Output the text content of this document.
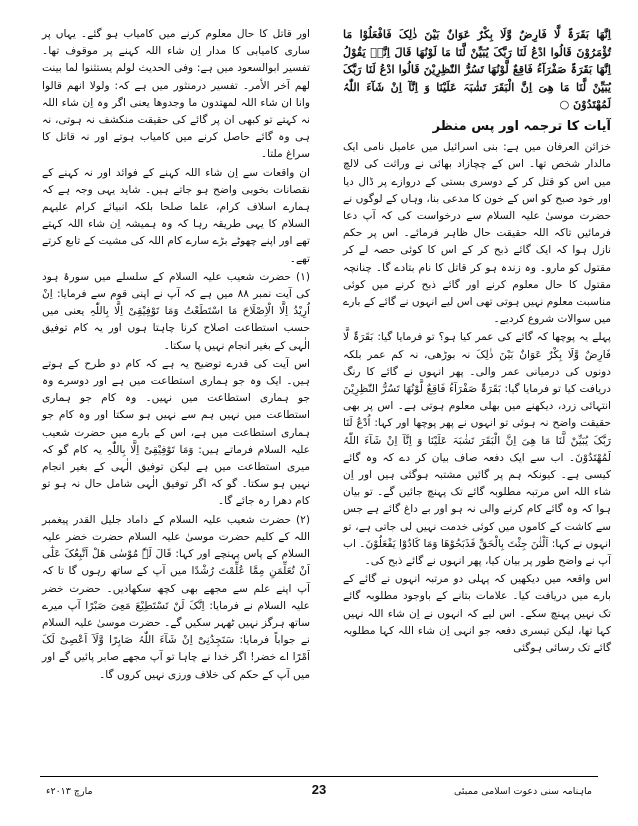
اِنَّھَا بَقَرَۃٌ لَّا فَارِضٌ وَّلَا بِکْرٌ عَوَانٌ بَیْنَ ذٰلِکَ فَافْعَلُوْا مَا تُؤْمَرُوْنَ قَالُوا ادْعُ لَنَا رَبَّکَ یُبَیِّنْ لَّنَا مَا لَوْنُھَا قَالَ اِنَّہٗ یَقُوْلُ اِنَّھَا بَقَرَۃٌ صَفْرَآءُ فَاقِعٌ لَّوْنُھَا تَسُرُّ النّٰظِرِیْنَ قَالُوا ادْعُ لَنَا رَبَّکَ یُبَیِّنْ لَّنَا مَا ھِیَ اِنَّ الْبَقَرَ تَشٰبَہَ عَلَیْنَا وَ اِنَّآ اِنْ شَآءَ اللّٰہُ لَمُھْتَدُوْنَ ○

آیات کا ترجمہ اور پس منظر

خزائن العرفان میں ہے: بنی اسرائیل میں عامیل نامی ایک مالدار شخص تھا۔ اس کے چچازاد بھائی نے وراثت کی لالچ میں اس کو قتل کر کے دوسری بستی کے دروازے پر ڈال دیا اور خود صبح کو اس کے خون کا مدعی بنا، وہاں کے لوگوں نے حضرت موسیٰ علیہ السلام سے درخواست کی کہ آپ دعا فرمائیں تاکہ اللہ حقیقت حال ظاہر فرمائے۔ اس پر حکم نازل ہوا کہ ایک گائے ذبح کر کے اس کا کوئی حصہ لے کر مقتول کو مارو۔ وہ زندہ ہو کر قاتل کا نام بتادے گا۔ چنانچہ مقتول کا حال معلوم کرنے اور گائے ذبح کرنے میں کوئی مناسبت معلوم نہیں ہوتی تھی اس لیے انہوں نے گائے کے بارے میں سوالات شروع کردیے۔

پہلے یہ پوچھا کہ گائے کی عمر کیا ہو؟ تو فرمایا گیا: بَقَرَۃٌ لَّا فَارِضٌ وَّلَا بِکْرٌ عَوَانٌ بَیْنَ ذٰلِکَ نہ بوڑھی، نہ کم عمر بلکہ دونوں کی درمیانی عمر والی۔ پھر انہوں نے گائے کا رنگ دریافت کیا تو فرمایا گیا: بَقَرَۃٌ صَفْرَآءُ فَاقِعٌ لَّوْنُھَا تَسُرُّ النّٰظِرِیْنَ انتہائی زرد، دیکھنے میں بھلی معلوم ہوتی ہے۔ اس پر بھی حقیقت واضح نہ ہوئی تو انہوں نے پھر پوچھا اور کہا: اُدْعُ لَنَا رَبَّکَ یُبَیِّنْ لَّنَا مَا ھِیَ اِنَّ الْبَقَرَ تَشٰبَہَ عَلَیْنَا وَ اِنَّآ اِنْ شَآءَ اللّٰہُ لَمُھْتَدُوْنَ۔ اب سے ایک دفعہ صاف بیان کر دے کہ وہ گائے کیسی ہے۔ کیونکہ ہم پر گائیں مشتبہ ہوگئی ہیں اور اِن شاء اللہ اس مرتبہ مطلوبہ گائے تک پہنچ جائیں گے۔ تو بیان ہوا کہ وہ گائے کام کرنے والی نہ ہو اور بے داغ گائے ہے جس سے کاشت کے کاموں میں کوئی خدمت نہیں لی جاتی ہے، تو انہوں نے کہا: اَلْئٰنَ جِئْتَ بِالْحَقِّ فَذَبَحُوْھَا وَمَا کَادُوْا یَفْعَلُوْنَ۔ اب آپ نے واضح طور پر بیان کیا، پھر انہوں نے گائے ذبح کی۔

اس واقعہ میں دیکھیں کہ پہلی دو مرتبہ انہوں نے گائے کے بارے میں دریافت کیا۔ علامات بتانے کے باوجود مطلوبہ گائے تک نہیں پہنچ سکے۔ اس لیے کہ انہوں نے اِن شاء اللہ نہیں کہا تھا، لیکن تیسری دفعہ جو انہی اِن شاء اللہ کہا مطلوبہ گائے تک رسائی ہوگئی

اور قاتل کا حال معلوم کرنے میں کامیاب ہو گئے۔ یہاں پر ساری کامیابی کا مدار اِن شاء اللہ کہنے پر موقوف تھا۔ تفسیر ابوالسعود میں ہے: وفی الحدیث لولم یستثنوا لما بینت لھم آخر الأمر۔ تفسیر درمنثور میں ہے کہ: ولولا انھم قالوا وانا ان شاء اللہ لمھتدون ما وجدوھا یعنی اگر وہ اِن شاء اللہ نہ کہتے تو کبھی ان پر گائے کی حقیقت منکشف نہ ہوتی، نہ ہی وہ گائے حاصل کرنے میں کامیاب ہوتے اور نہ قاتل کا سراغ ملتا۔

ان واقعات سے اِن شاء اللہ کہنے کے فوائد اور نہ کہنے کے نقصانات بخوبی واضح ہو جاتے ہیں۔ شاید یہی وجہ ہے کہ ہمارے اسلاف کرام، علما صلحا بلکہ انبیائے کرام علیہم السلام کا یہی طریقہ رہا کہ وہ ہمیشہ اِن شاء اللہ کہتے تھے اور اپنے چھوٹے بڑے سارے کام اللہ کی مشیت کے تابع کرتے تھے۔

(۱) حضرت شعیب علیہ السلام کے سلسلے میں سورۂ ہود کی آیت نمبر ۸۸ میں ہے کہ آپ نے اپنی قوم سے فرمایا: اِنْ اُرِیْدُ اِلَّا الْاِصْلَاحَ مَا اسْتَطَعْتُ وَمَا تَوْفِیْقِیْ اِلَّا بِاللّٰہِ یعنی میں حسب استطاعت اصلاح کرنا چاہتا ہوں اور یہ کام توفیق الٰہی کے بغیر انجام نہیں پا سکتا۔

اس آیت کی قدرے توضیح یہ ہے کہ کام دو طرح کے ہوتے ہیں۔ ایک وہ جو ہماری استطاعت میں ہے اور دوسرے وہ جو ہماری استطاعت میں نہیں۔ وہ کام جو ہماری استطاعت میں نہیں ہم سے نہیں ہو سکتا اور وہ کام جو ہماری استطاعت میں ہے، اس کے بارے میں حضرت شعیب علیہ السلام فرماتے ہیں: وَمَا تَوْفِیْقِیْ اِلَّا بِاللّٰہِ یہ کام گو کہ میری استطاعت میں ہے لیکن توفیق الٰہی کے بغیر انجام نہیں ہو سکتا۔ گو کہ اگر توفیق الٰہی شامل حال نہ ہو تو کام دھرا رہ جائے گا۔

(۲) حضرت شعیب علیہ السلام کے داماد جلیل القدر پیغمبر اللہ کے کلیم حضرت موسیٰ علیہ السلام حضرت خضر علیہ السلام کے پاس پہنچے اور کہا: قَالَ لَہٗ مُوْسٰی ھَلْ اَتَّبِعُکَ عَلٰٓی اَنْ تُعَلِّمَنِ مِمَّا عُلِّمْتَ رُشْدًا میں آپ کے ساتھ رہوں گا تا کہ آپ اپنے علم سے مجھے بھی کچھ سکھادیں۔ حضرت خضر علیہ السلام نے فرمایا: اِنَّکَ لَنْ تَسْتَطِیْعَ مَعِیَ صَبْرًا آپ میرے ساتھ ہرگز نہیں ٹھہر سکیں گے۔ حضرت موسیٰ علیہ السلام نے جواباً فرمایا: سَتَجِدُنِیْٓ اِنْ شَآءَ اللّٰہُ صَابِرًا وَّلَآ اَعْصِیْ لَکَ اَمْرًا اے خضر! اگر خدا نے چاہا تو آپ مجھے صابر پائیں گے اور میں آپ کے حکم کی خلاف ورزی نہیں کروں گا۔

ماہنامہ سنی دعوت اسلامی ممبئی
23
مارچ ۲۰۱۳ء
